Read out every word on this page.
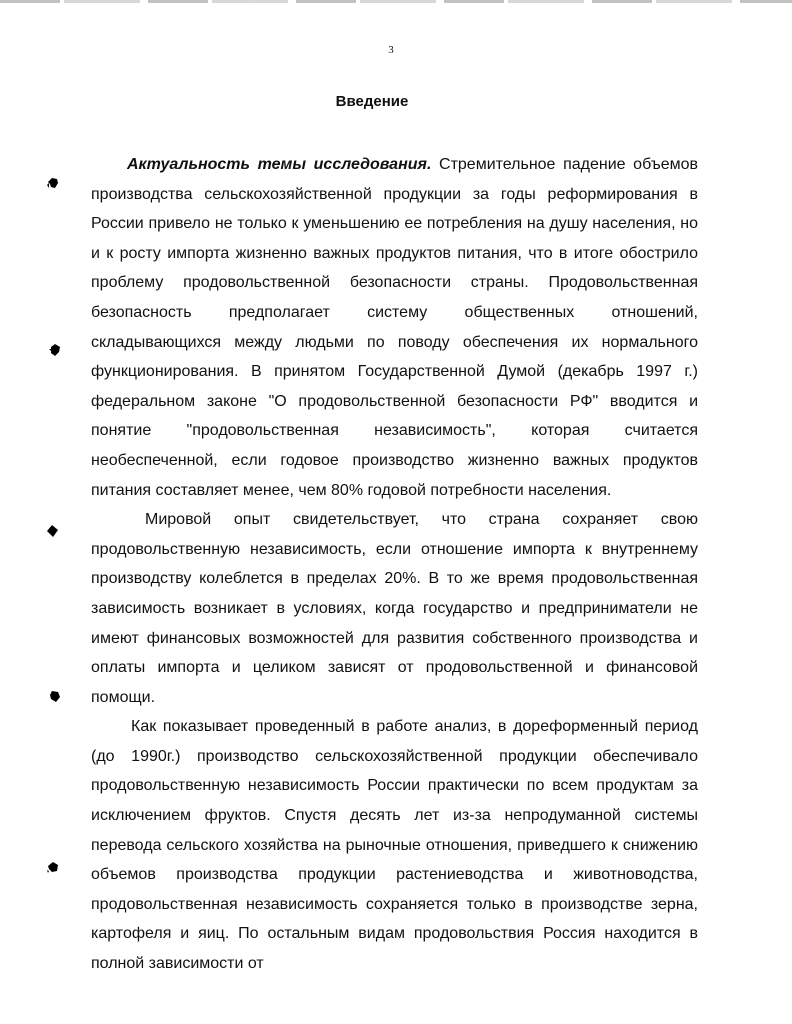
3
Введение

Актуальность темы исследования. Стремительное падение объемов производства сельскохозяйственной продукции за годы реформирования в России привело не только к уменьшению ее потребления на душу населения, но и к росту импорта жизненно важных продуктов питания, что в итоге обострило проблему продовольственной безопасности страны. Продовольственная безопасность предполагает систему общественных отношений, складывающихся между людьми по поводу обеспечения их нормального функционирования. В принятом Государственной Думой (декабрь 1997 г.) федеральном законе "О продовольственной безопасности РФ" вводится и понятие "продовольственная независимость", которая считается необеспеченной, если годовое производство жизненно важных продуктов питания составляет менее, чем 80% годовой потребности населения.

Мировой опыт свидетельствует, что страна сохраняет свою продовольственную независимость, если отношение импорта к внутреннему производству колеблется в пределах 20%. В то же время продовольственная зависимость возникает в условиях, когда государство и предприниматели не имеют финансовых возможностей для развития собственного производства и оплаты импорта и целиком зависят от продовольственной и финансовой помощи.

Как показывает проведенный в работе анализ, в дореформенный период (до 1990г.) производство сельскохозяйственной продукции обеспечивало продовольственную независимость России практически по всем продуктам за исключением фруктов. Спустя десять лет из-за непродуманной системы перевода сельского хозяйства на рыночные отношения, приведшего к снижению объемов производства продукции растениеводства и животноводства, продовольственная независимость сохраняется только в производстве зерна, картофеля и яиц. По остальным видам продовольствия Россия находится в полной зависимости от
